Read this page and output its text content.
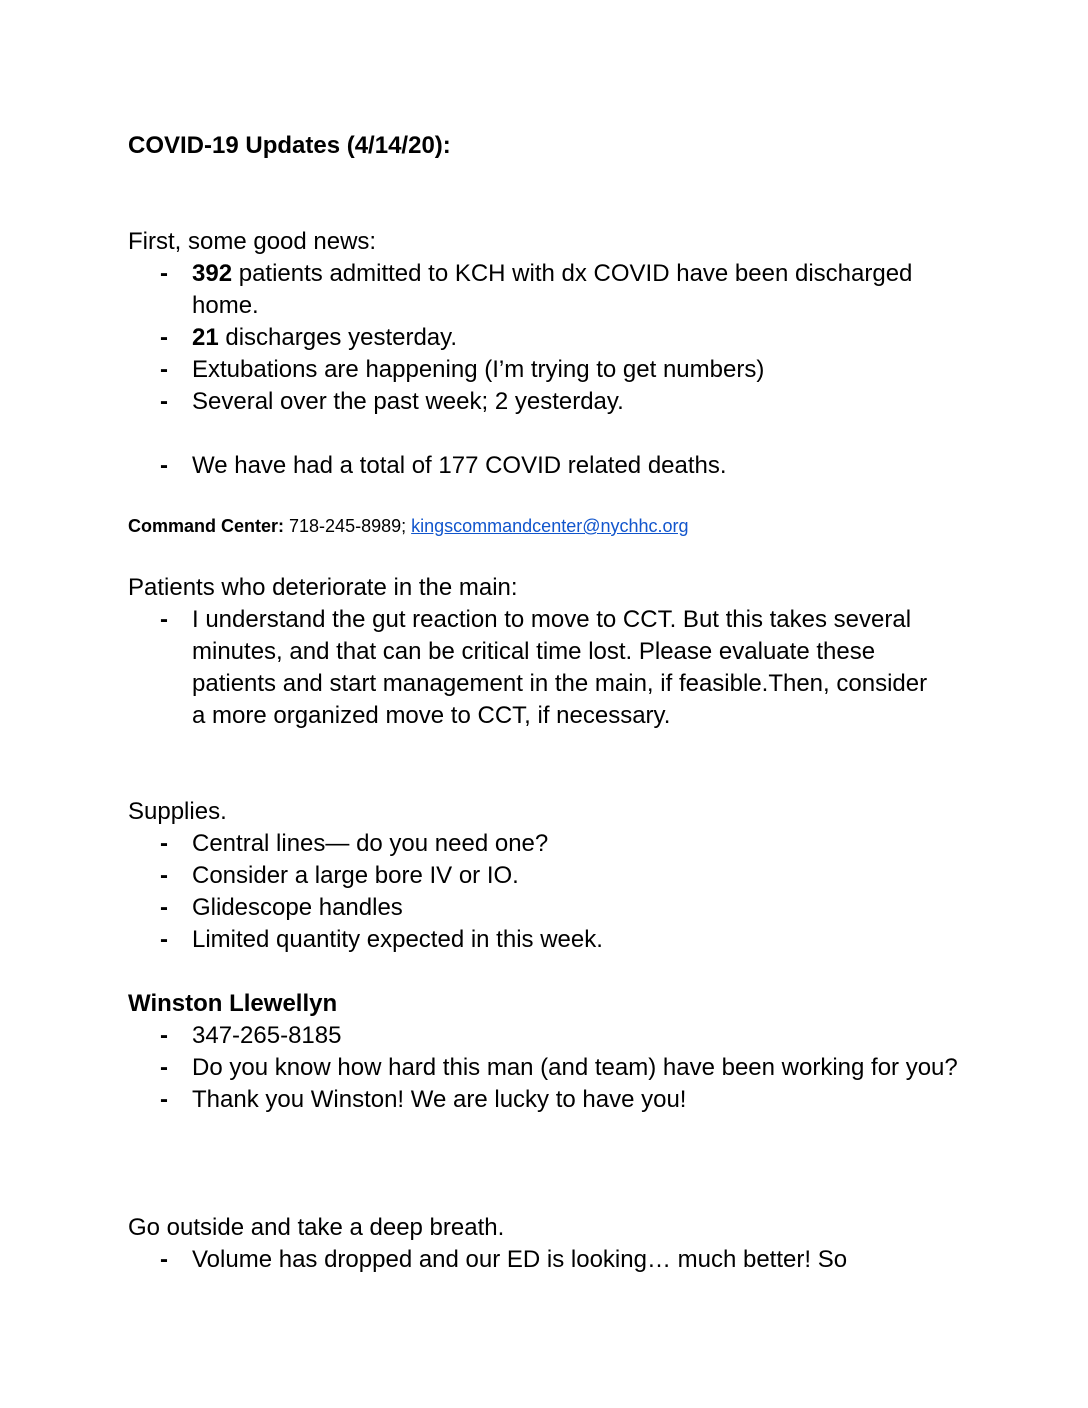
COVID-19 Updates (4/14/20):
First, some good news:
- 392 patients admitted to KCH with dx COVID have been discharged home.
- 21 discharges yesterday.
- Extubations are happening (I’m trying to get numbers)
- Several over the past week; 2 yesterday.
- We have had a total of 177 COVID related deaths.
Command Center: 718-245-8989; kingscommandcenter@nychhc.org
Patients who deteriorate in the main:
- I understand the gut reaction to move to CCT. But this takes several minutes, and that can be critical time lost. Please evaluate these patients and start management in the main, if feasible.Then, consider a more organized move to CCT, if necessary.
Supplies.
- Central lines— do you need one?
- Consider a large bore IV or IO.
- Glidescope handles
- Limited quantity expected in this week.
Winston Llewellyn
- 347-265-8185
- Do you know how hard this man (and team) have been working for you?
- Thank you Winston! We are lucky to have you!
Go outside and take a deep breath.
- Volume has dropped and our ED is looking… much better! So
